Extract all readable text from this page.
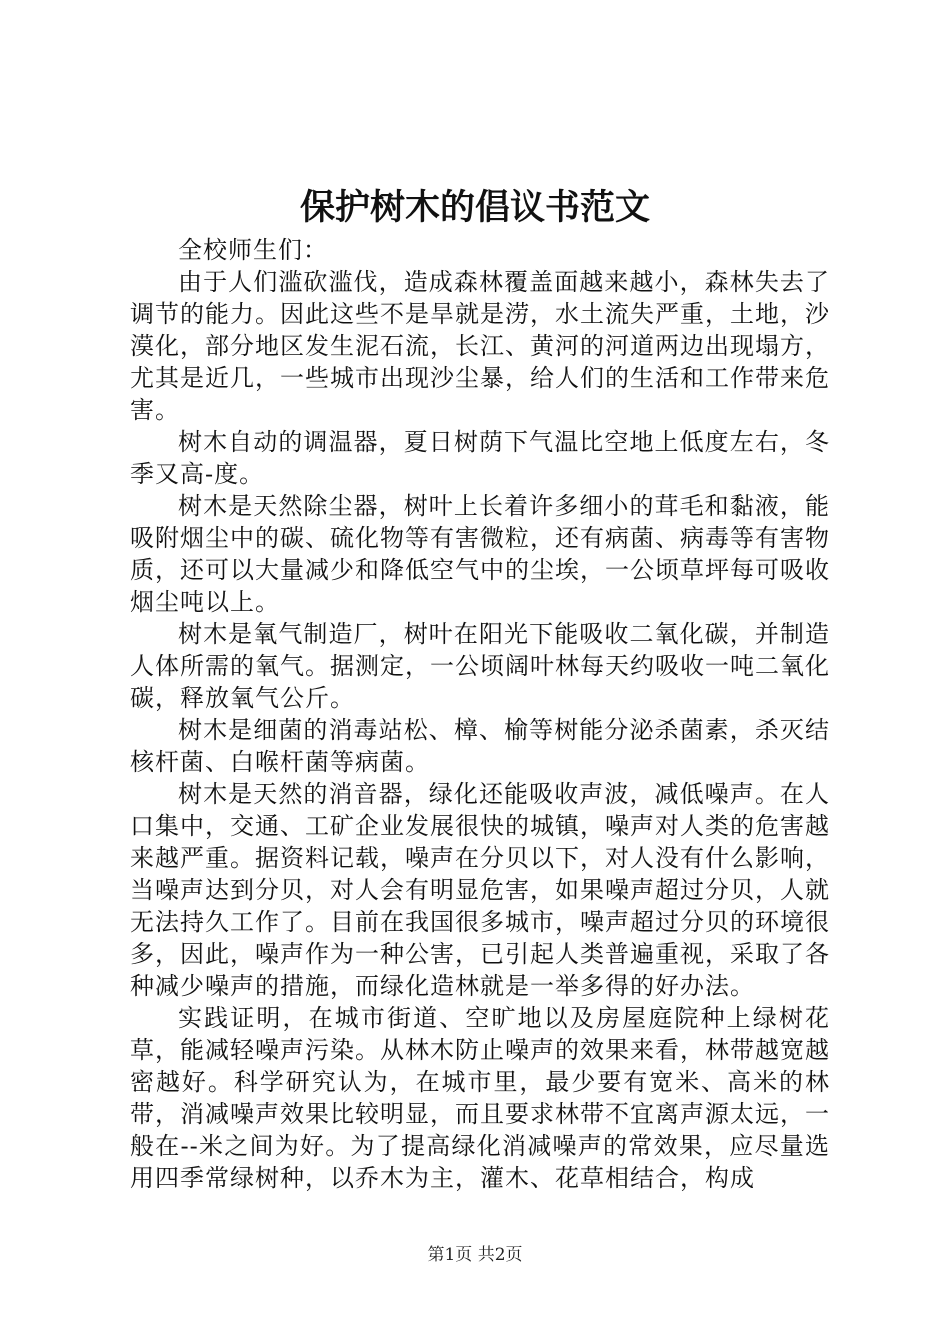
保护树木的倡议书范文

全校师生们：

由于人们滥砍滥伐，造成森林覆盖面越来越小，森林失去了调节的能力。因此这些不是旱就是涝，水土流失严重，土地，沙漠化，部分地区发生泥石流，长江、黄河的河道两边出现塌方，尤其是近几，一些城市出现沙尘暴，给人们的生活和工作带来危害。

树木自动的调温器，夏日树荫下气温比空地上低度左右，冬季又高-度。

树木是天然除尘器，树叶上长着许多细小的茸毛和黏液，能吸附烟尘中的碳、硫化物等有害微粒，还有病菌、病毒等有害物质，还可以大量减少和降低空气中的尘埃，一公顷草坪每可吸收烟尘吨以上。

树木是氧气制造厂，树叶在阳光下能吸收二氧化碳，并制造人体所需的氧气。据测定，一公顷阔叶林每天约吸收一吨二氧化碳，释放氧气公斤。

树木是细菌的消毒站松、樟、榆等树能分泌杀菌素，杀灭结核杆菌、白喉杆菌等病菌。

树木是天然的消音器，绿化还能吸收声波，减低噪声。在人口集中，交通、工矿企业发展很快的城镇，噪声对人类的危害越来越严重。据资料记载，噪声在分贝以下，对人没有什么影响，当噪声达到分贝，对人会有明显危害，如果噪声超过分贝，人就无法持久工作了。目前在我国很多城市，噪声超过分贝的环境很多，因此，噪声作为一种公害，已引起人类普遍重视，采取了各种减少噪声的措施，而绿化造林就是一举多得的好办法。

实践证明，在城市街道、空旷地以及房屋庭院种上绿树花草，能减轻噪声污染。从林木防止噪声的效果来看，林带越宽越密越好。科学研究认为，在城市里，最少要有宽米、高米的林带，消减噪声效果比较明显，而且要求林带不宜离声源太远，一般在--米之间为好。为了提高绿化消减噪声的常效果，应尽量选用四季常绿树种，以乔木为主，灌木、花草相结合，构成

第1页 共2页
